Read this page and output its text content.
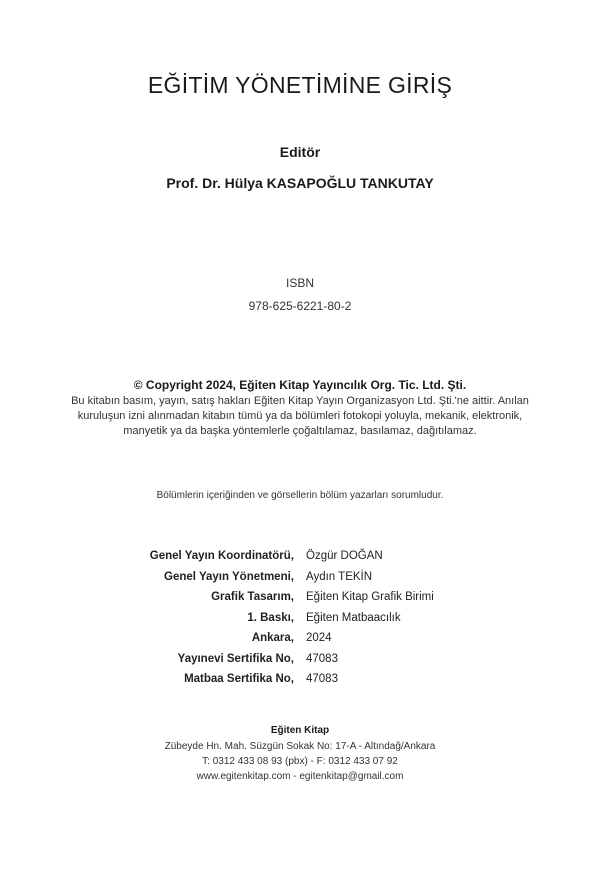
EĞİTİM YÖNETİMİNE GİRİŞ
Editör
Prof. Dr. Hülya KASAPOĞLU TANKUTAY
ISBN
978-625-6221-80-2
© Copyright 2024, Eğiten Kitap Yayıncılık Org. Tic. Ltd. Şti.
Bu kitabın basım, yayın, satış hakları Eğiten Kitap Yayın Organizasyon Ltd. Şti.'ne aittir. Anılan kuruluşun izni alınmadan kitabın tümü ya da bölümleri fotokopi yoluyla, mekanik, elektronik, manyetik ya da başka yöntemlerle çoğaltılamaz, basılamaz, dağıtılamaz.
Bölümlerin içeriğinden ve görsellerin bölüm yazarları sorumludur.
Genel Yayın Koordinatörü, Özgür DOĞAN
Genel Yayın Yönetmeni, Aydın TEKİN
Grafik Tasarım, Eğiten Kitap Grafik Birimi
1. Baskı, Eğiten Matbaacılık
Ankara, 2024
Yayınevi Sertifika No, 47083
Matbaa Sertifika No, 47083
Eğiten Kitap
Zübeyde Hn. Mah. Süzgün Sokak No: 17-A - Altındağ/Ankara
T: 0312 433 08 93 (pbx) - F: 0312 433 07 92
www.egitenkitap.com - egitenkitap@gmail.com
